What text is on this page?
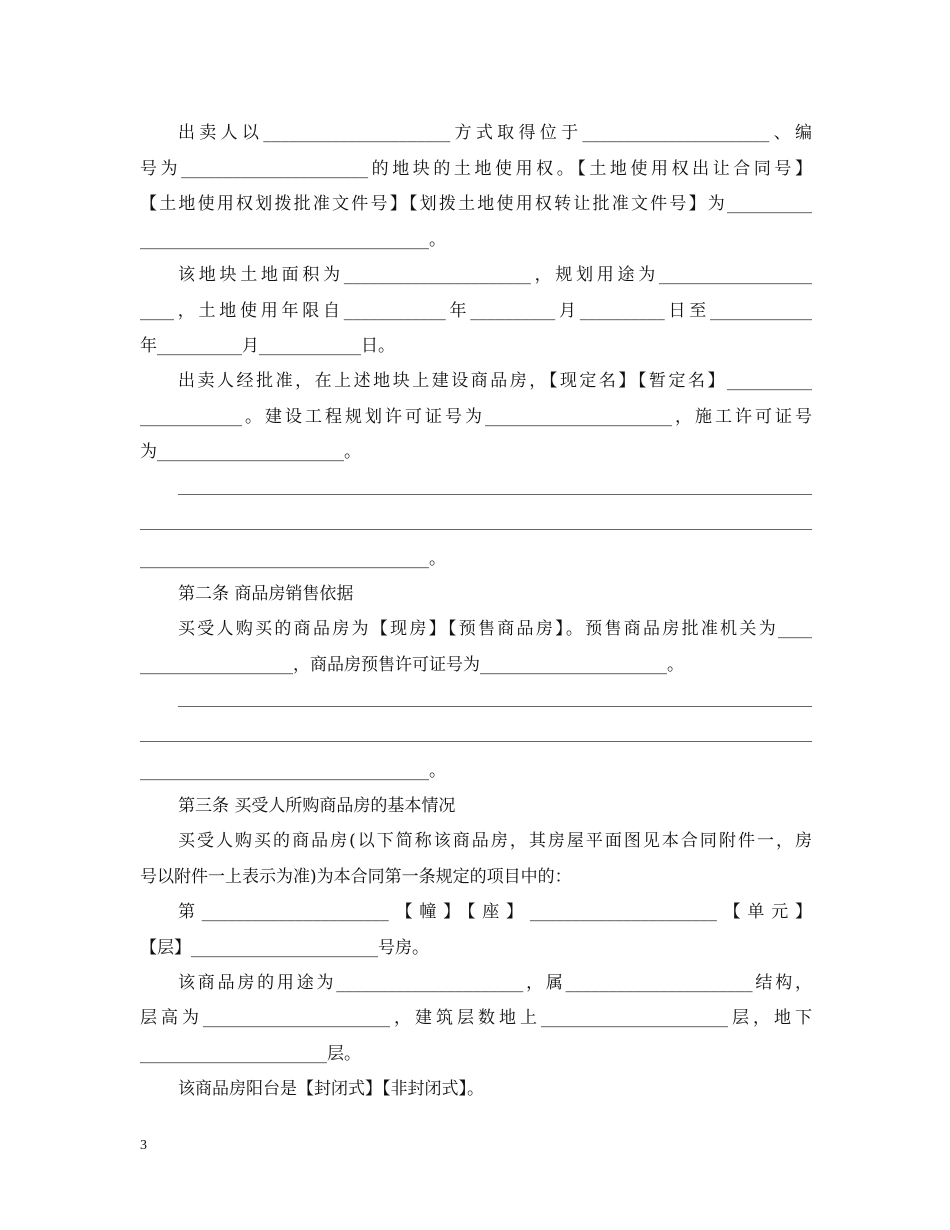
出卖人以______________________方式取得位于______________________、编
号为______________________的地块的土地使用权。【土地使用权出让合同号】
【土地使用权划拨批准文件号】【划拨土地使用权转让批准文件号】为__________
__________________________________。
该地块土地面积为______________________，规划用途为__________________
____，土地使用年限自____________年__________月__________日至____________
年__________月____________日。
出卖人经批准，在上述地块上建设商品房，【现定名】【暂定名】__________
____________。建设工程规划许可证号为______________________，施工许可证号
为______________________。
__________________________________。
第二条 商品房销售依据
买受人购买的商品房为【现房】【预售商品房】。预售商品房批准机关为____
__________________，商品房预售许可证号为______________________。
__________________________________。
第三条 买受人所购商品房的基本情况
买受人购买的商品房(以下简称该商品房，其房屋平面图见本合同附件一，房
号以附件一上表示为准)为本合同第一条规定的项目中的：
第______________________【幢】【座】______________________【单元】
【层】______________________号房。
该商品房的用途为______________________，属______________________结构，
层高为______________________，建筑层数地上______________________层，地下
______________________层。
该商品房阳台是【封闭式】【非封闭式】。
3
